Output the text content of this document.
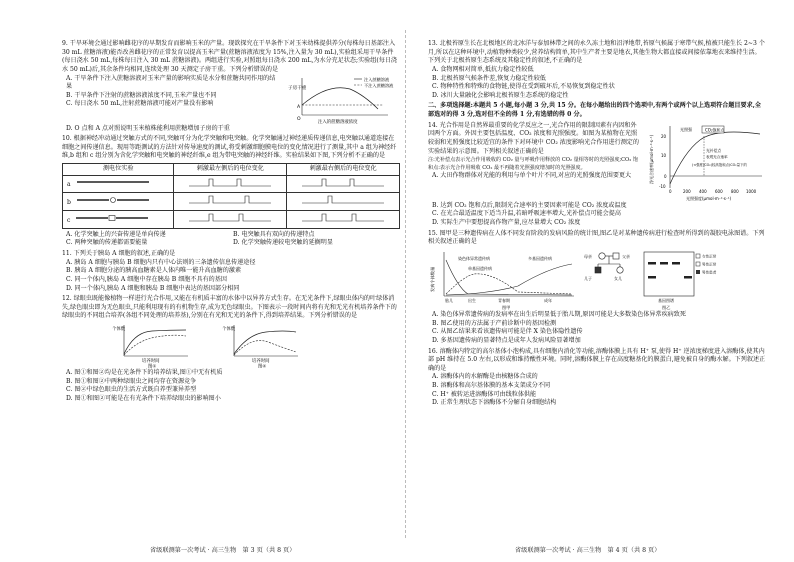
9. 干旱环境会通过影响雌花序的早期发育而影响玉米的产量。现欲探究在干旱条件下对玉米幼株提供养分(每株每日基部注入 30 mL 蔗糖溶液)能否改善雌花序的正常发育以提高玉米产量(蔗糖溶液浓度为 15%,注入量为 30 mL),实验组采用干旱条件(每日浇水 50 mL,每株每日注入 30 mL 蔗糖溶液)。两组进行实验,对照组每日浇水 200 mL,为水分充足状态;实验组(每日浇水 50 mL)后,其余条件均相同,连续处理 30 天测定子房干重。下列分析错误的是
A. 干旱条件下注入蔗糖溶液对玉米产量的影响实质是水分和蔗糖共同作用的结果
B. 干旱条件下注射的蔗糖溶液浓度不同,玉米产量也不同
C. 每日浇水 50 mL,注射蔗糖溶液可能对产量没有影响
子房干重
A
O
注入蔗糖溶液
不注入蔗糖溶液
注入的蔗糖溶液浓度
D. O 点和 A 点对照说明玉米植株能利用蔗糖增加子房的干重
10. 根据神经冲动通过突触方式的不同,突触可分为化学突触和电突触。化学突触通过神经递质传递信息,电突触以通道连接在细胞之间传递信息。现用等距测试的方法针对传导速度的测试,将受刺激细胞膜电位的变化情况进行了测量,其中 a 组为神经纤维,b 组和 c 组分别为含化学突触和电突触的神经纤维,e 组为带电突触的神经纤维。实验结果如下图,下列分析不正确的是
测电位实验	刺激最左侧后的电位变化	刺激最右侧后的电位变化
a		
b		
c		
A. 化学突触上的兴奋传递是单向传递	B. 电突触具有双向的传递特点
C. 两种突触的传递都需要能量	D. 化学突触传递较电突触的延搁明显
11. 下列关于胰岛 A 细胞的叙述,正确的是
A. 胰岛 A 细胞与胰岛 B 细胞内只有中心法则的三条遗传信息传递途径
B. 胰岛 A 细胞分泌的胰高血糖素是人体内唯一能升高血糖的激素
C. 同一个体内,胰岛 A 细胞中存在胰岛 B 细胞不具有的基因
D. 同一个体内,胰岛 A 细胞和胰岛 B 细胞中表达的基因部分相同
12. 绿眼虫既能像植物一样进行光合作用,又能在有机质丰富的水体中以异养方式生存。在无光条件下,绿眼虫体内的叶绿体消失,绿色眼虫即为无色眼虫,只能利用现有的有机物生存,成为无色绿眼虫。下图表示一段时间内将有光和无光有机培养条件下的绿眼虫的不同组合培养(各组不同处理的培养基),分别在有光和无光的条件下,得到培养结果。下列分析错误的是
个体数
培养时间
图①
个体数
培养时间
图②
A. 图①和图②均是在光条件下的培养结果,图①中无有机质
B. 图①和图②中两种绿眼虫之间均存在资源竞争
C. 图②中绿色眼虫的生活方式既自养型兼异养型
D. 图①和图②可能是在有光条件下培养绿眼虫的影响图小
13. 北极苔原生长在北极地区的北冰洋与泰加林带之间的永久冻土地和沼泽地带,苔原气候属于寒带气候,植被只能生长 2~3 个月,所以在这种环境中,动植物种类较少,营养结构简单,其中生产者主要是地衣,其他生物大都直接或间接依靠地衣来维持生活。下列关于北极苔原生态系统及其稳定性的叙述,不正确的是
A. 食物网相对简单,抵抗力稳定性较低
B. 北极苔原气候条件差,恢复力稳定性较低
C. 物种特性和特殊的食物链,使得在受到破坏后,不易恢复到稳定性状
D. 冰川大量融化会影响北极苔原生态系统的稳定性
二、多项选择题:本题共 5 小题,每小题 3 分,共 15 分。在每小题给出的四个选项中,有两个或两个以上选项符合题目要求,全部选对的得 3 分,选对但不全的得 1 分,有选错的得 0 分。
14. 光合作用是自然界最重要的化学反应之一,光合作用的限制因素有内因和外因两个方面。外因主要包括温度、CO₂ 浓度和光照强度。如图为某植物在光照较弱和光照强度比较适宜的条件下对环境中 CO₂ 浓度影响光合作用进行测定的实验结果的示意图。下列相关叙述正确的是
注:光补偿点表示光合作用吸收的 CO₂ 量与呼吸作用释放的 CO₂ 量相等时的光照强度;CO₂ 饱和点:表示光合作用吸收 CO₂ 最不再随着光照强度增加时的光照强度。
A. 大田作物群体对光能的利用与单个叶片不同,对应的光照强度范围要更大	净光合速率(μmol·m⁻²·s⁻¹) 20
10
0
-10
CO₂饱和点
光照强
光补偿点
表观光合速率
(<强度)CO₂(较高饱和点)CO₂量下的
0	200 400 600 800 1000
光照强度(μmol·m⁻²·s⁻¹)
B. 达到 CO₂ 饱和点后,限制光合速率的主要因素可能是 CO₂ 浓度或温度
C. 在光合最适温度下适当升温,若暗呼吸速率增大,光补偿点可能会提高
D. 实际生产中要想提高作物产量,应尽量增大 CO₂ 浓度
15. 图甲是三种遗传病在人体不同发育阶段的发病风险的统计图,图乙是对某种遗传病进行检查时所得到的凝胶电泳图谱。下列相关叙述正确的是
发病个体数量
染色体异常遗传病
单基因遗传病
多基因遗传病
胎儿	出生	青春期	成年
图甲
母亲	父亲
儿子	女儿
女性正常
男性正常
男性患者
基因图谱
图乙
A. 染色体异常遗传病的发病率在出生后明显低于胎儿期,原因可能是大多数染色体异常疾病致死
B. 图乙使用的方法属于产前诊断中的基因检测
C. 从图乙结果来看该遗传病可能是伴 X 染色体隐性遗传
D. 多基因遗传病的显著特点是成年人发病风险显著增加
16. 溶酶体内特定的高尔基体小泡构成,具有细胞内消化等功能,溶酶体膜上具有 H⁺ 泵,使得 H⁺ 逆浓度梯度进入溶酶体,使其内部 pH 维持在 5.0 左右,以形成和维持酸性环境。同时,溶酶体膜上存在高度糖基化的膜蛋白,避免被自身的酶水解。下列叙述正确的是
A. 溶酶体内的水解酶是由核糖体合成的
B. 溶酶体和高尔基体膜的基本支架成分不同
C. H⁺ 被转运进溶酶体可由线粒体供能
D. 正常生理状态下溶酶体不分解自身细胞结构
省级联测第一次考试 · 高三生物　第 3 页（共 8 页）	省级联测第一次考试 · 高三生物　第 4 页（共 8 页）
